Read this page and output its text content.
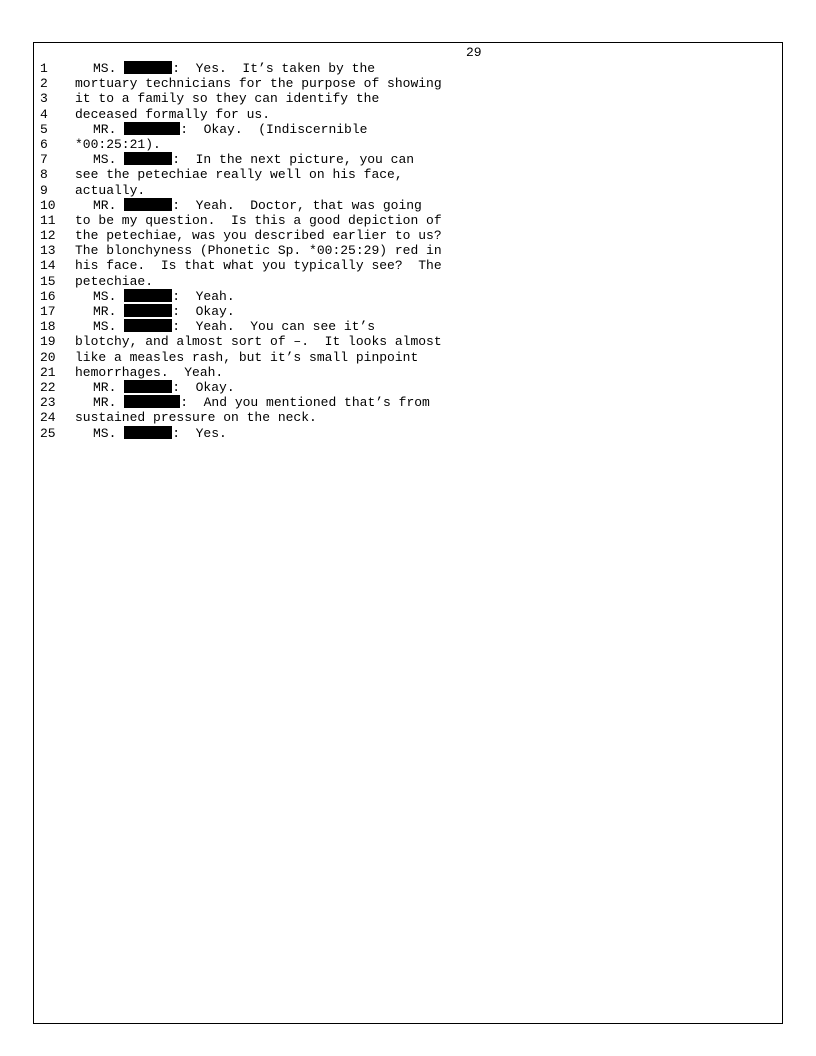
29
1	MS.	:  Yes.  It’s taken by the
2	mortuary technicians for the purpose of showing
3	it to a family so they can identify the
4	deceased formally for us.
5	MR.	:  Okay.  (Indiscernible
6	*00:25:21).
7	MS.	:  In the next picture, you can
8	see the petechiae really well on his face,
9	actually.
10	MR.	:  Yeah.  Doctor, that was going
11	to be my question.  Is this a good depiction of
12	the petechiae, was you described earlier to us?
13	The blonchyness (Phonetic Sp. *00:25:29) red in
14	his face.  Is that what you typically see?  The
15	petechiae.
16	MS.	:  Yeah.
17	MR.	:  Okay.
18	MS.	:  Yeah.  You can see it’s
19	blotchy, and almost sort of –.  It looks almost
20	like a measles rash, but it’s small pinpoint
21	hemorrhages.  Yeah.
22	MR.	:  Okay.
23	MR.	:  And you mentioned that’s from
24	sustained pressure on the neck.
25	MS.	:  Yes.
